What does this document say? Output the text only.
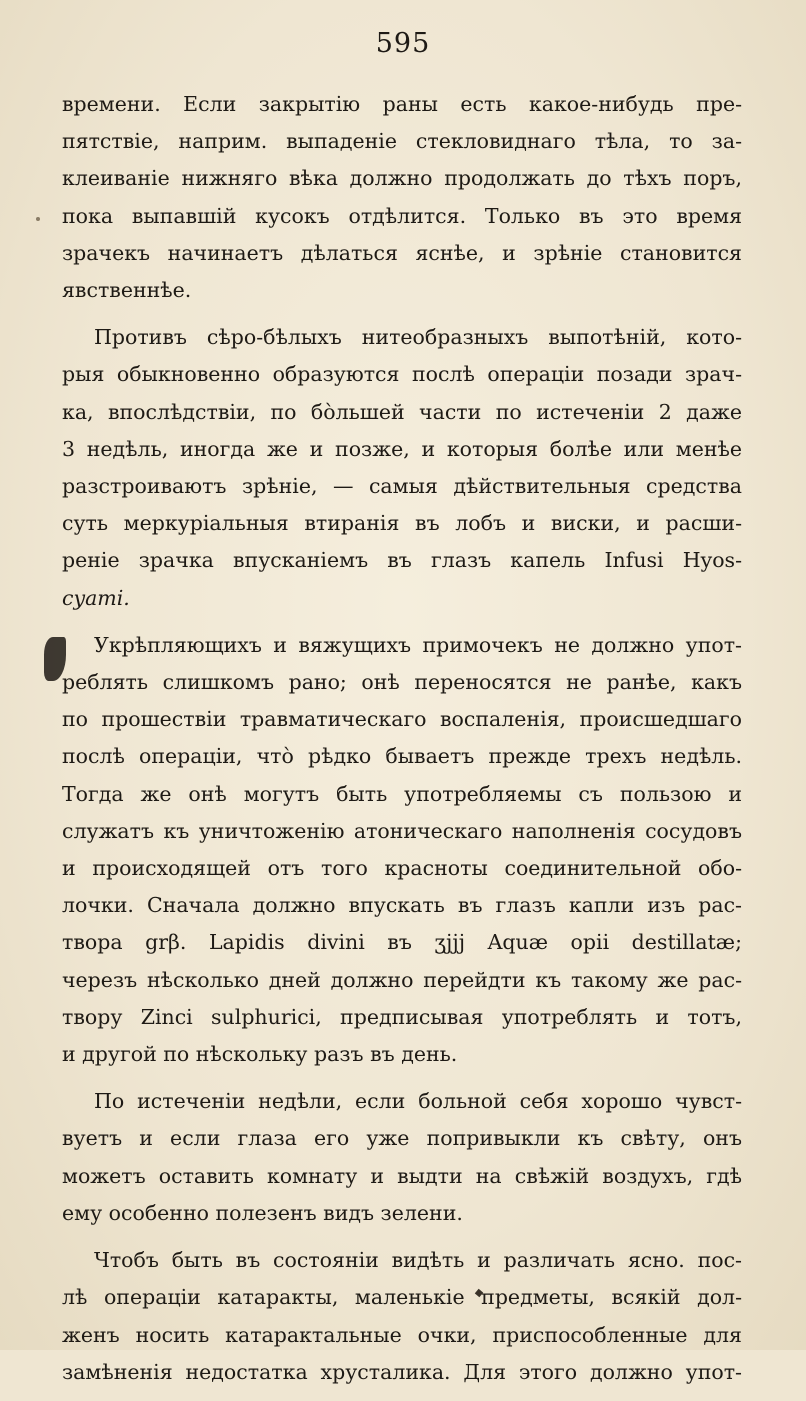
595
времени. Если закрытію раны есть какое-нибудь пре-
пятствіе, наприм. выпаденіе стекловиднаго тѣла, то за-
клеиваніе нижняго вѣка должно продолжать до тѣхъ поръ,
пока выпавшій кусокъ отдѣлится. Только въ это время
зрачекъ начинаетъ дѣлаться яснѣе, и зрѣніе становится
явственнѣе.
Противъ сѣро-бѣлыхъ нитеобразныхъ выпотѣній, кото-
рыя обыкновенно образуются послѣ операціи позади зрач-
ка, впослѣдствіи, по бо̀льшей части по истеченіи 2 даже
3 недѣль, иногда же и позже, и которыя болѣе или менѣе
разстроиваютъ зрѣніе, — самыя дѣйствительныя средства
суть меркуріальныя втиранія въ лобъ и виски, и расши-
реніе зрачка впусканіемъ въ глазъ капель Infusi Hyos-
cyami.
Укрѣпляющихъ и вяжущихъ примочекъ не должно упот-
реблять слишкомъ рано; онѣ переносятся не ранѣе, какъ
по прошествіи травматическаго воспаленія, происшедшаго
послѣ операціи, что̀ рѣдко бываетъ прежде трехъ недѣль.
Тогда же онѣ могутъ быть употребляемы съ пользою и
служатъ къ уничтоженію атоническаго наполненія сосудовъ
и происходящей отъ того красноты соединительной обо-
лочки. Сначала должно впускать въ глазъ капли изъ рас-
твора grβ. Lapidis divini въ ʒjjj Aquæ opii destillatæ;
черезъ нѣсколько дней должно перейдти къ такому же рас-
твору Zinci sulphurici, предписывая употреблять и тотъ,
и другой по нѣскольку разъ въ день.
По истеченіи недѣли, если больной себя хорошо чувст-
вуетъ и если глаза его уже попривыкли къ свѣту, онъ
можетъ оставить комнату и выдти на свѣжій воздухъ, гдѣ
ему особенно полезенъ видъ зелени.
Чтобъ быть въ состояніи видѣть и различать ясно. пос-
лѣ операціи катаракты, маленькіе предметы, всякій дол-
женъ носить катарактальные очки, приспособленные для
замѣненія недостатка хрусталика. Для этого должно упот-
